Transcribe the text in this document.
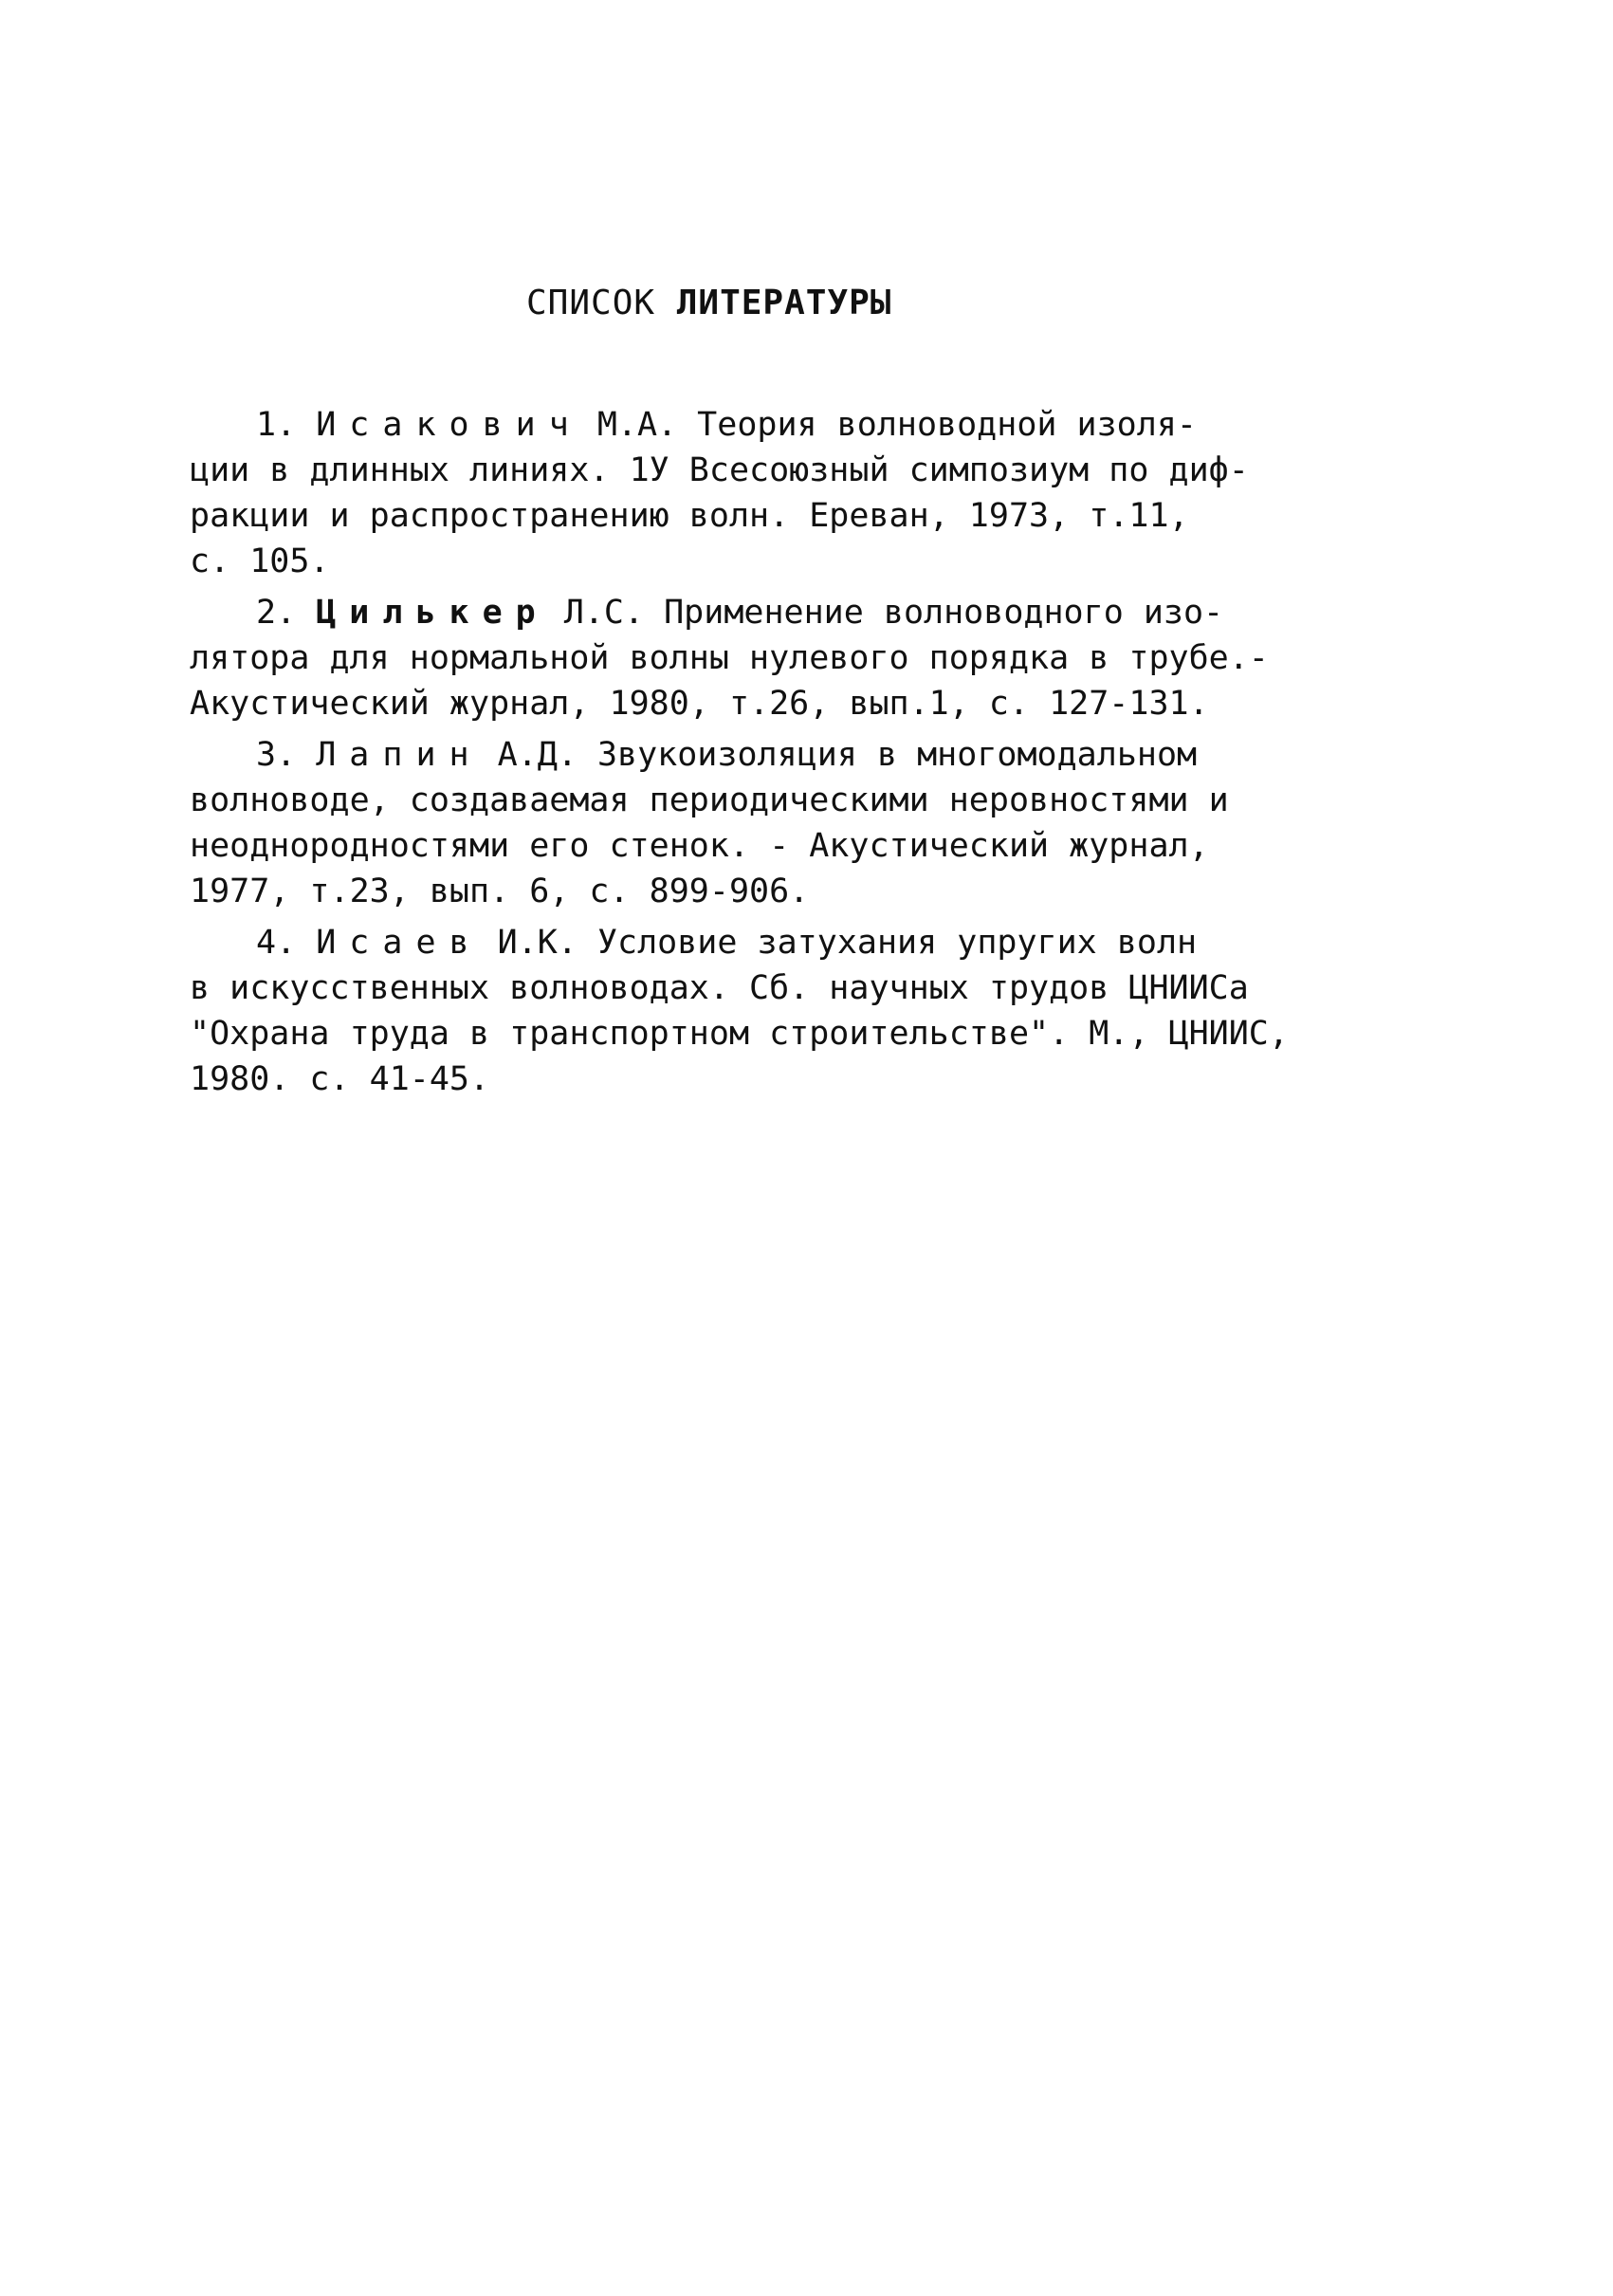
СПИСОК ЛИТЕРАТУРЫ
1. Исакович М.А. Теория волноводной изоля-
ции в длинных линиях. 1У Всесоюзный симпозиум по диф-
ракции и распространению волн. Ереван, 1973, т.11,
с. 105.
2. Цилькер Л.С. Применение волноводного изо-
лятора для нормальной волны нулевого порядка в трубе.-
Акустический журнал, 1980, т.26, вып.1, с. 127-131.
3. Лапин А.Д. Звукоизоляция в многомодальном
волноводе, создаваемая периодическими неровностями и
неоднородностями его стенок. - Акустический журнал,
1977, т.23, вып. 6, с. 899-906.
4. Исаев И.К. Условие затухания упругих волн
в искусственных волноводах. Сб. научных трудов ЦНИИСа
"Охрана труда в транспортном строительстве". М., ЦНИИС,
1980. с. 41-45.
